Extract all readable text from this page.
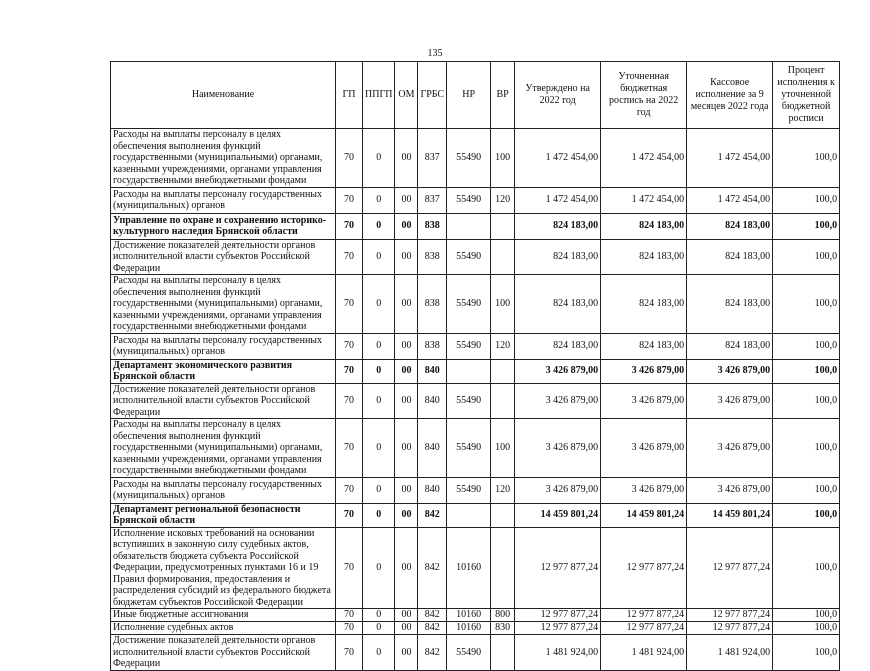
135
Наименование	ГП	ППГП	ОМ	ГРБС	НР	ВР	Утверждено на 2022 год	Уточненная бюджетная роспись на 2022 год	Кассовое исполнение за 9 месяцев 2022 года	Процент исполнения к уточненной бюджетной росписи
Расходы на выплаты персоналу в целях обеспечения выполнения функций государственными (муниципальными) органами, казенными учреждениями, органами управления государственными внебюджетными фондами	70	0	00	837	55490	100	1 472 454,00	1 472 454,00	1 472 454,00	100,0
Расходы на выплаты персоналу государственных (муниципальных) органов	70	0	00	837	55490	120	1 472 454,00	1 472 454,00	1 472 454,00	100,0
Управление по охране и сохранению историко-культурного наследия Брянской области	70	0	00	838			824 183,00	824 183,00	824 183,00	100,0
Достижение показателей деятельности органов исполнительной власти субъектов Российской Федерации	70	0	00	838	55490		824 183,00	824 183,00	824 183,00	100,0
Расходы на выплаты персоналу в целях обеспечения выполнения функций государственными (муниципальными) органами, казенными учреждениями, органами управления государственными внебюджетными фондами	70	0	00	838	55490	100	824 183,00	824 183,00	824 183,00	100,0
Расходы на выплаты персоналу государственных (муниципальных) органов	70	0	00	838	55490	120	824 183,00	824 183,00	824 183,00	100,0
Департамент экономического развития Брянской области	70	0	00	840			3 426 879,00	3 426 879,00	3 426 879,00	100,0
Достижение показателей деятельности органов исполнительной власти субъектов Российской Федерации	70	0	00	840	55490		3 426 879,00	3 426 879,00	3 426 879,00	100,0
Расходы на выплаты персоналу в целях обеспечения выполнения функций государственными (муниципальными) органами, казенными учреждениями, органами управления государственными внебюджетными фондами	70	0	00	840	55490	100	3 426 879,00	3 426 879,00	3 426 879,00	100,0
Расходы на выплаты персоналу государственных (муниципальных) органов	70	0	00	840	55490	120	3 426 879,00	3 426 879,00	3 426 879,00	100,0
Департамент региональной безопасности Брянской области	70	0	00	842			14 459 801,24	14 459 801,24	14 459 801,24	100,0
Исполнение исковых требований на основании вступивших в законную силу судебных актов, обязательств бюджета субъекта Российской Федерации, предусмотренных пунктами 16 и 19 Правил формирования, предоставления и распределения субсидий из федерального бюджета бюджетам субъектов Российской Федерации	70	0	00	842	10160		12 977 877,24	12 977 877,24	12 977 877,24	100,0
Иные бюджетные ассигнования	70	0	00	842	10160	800	12 977 877,24	12 977 877,24	12 977 877,24	100,0
Исполнение судебных актов	70	0	00	842	10160	830	12 977 877,24	12 977 877,24	12 977 877,24	100,0
Достижение показателей деятельности органов исполнительной власти субъектов Российской Федерации	70	0	00	842	55490		1 481 924,00	1 481 924,00	1 481 924,00	100,0
